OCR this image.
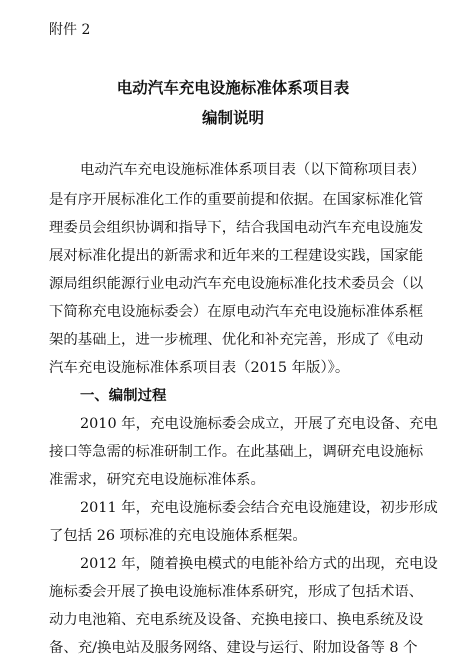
附件 2
电动汽车充电设施标准体系项目表
编制说明
电动汽车充电设施标准体系项目表（以下简称项目表）
是有序开展标准化工作的重要前提和依据。在国家标准化管
理委员会组织协调和指导下，结合我国电动汽车充电设施发
展对标准化提出的新需求和近年来的工程建设实践，国家能
源局组织能源行业电动汽车充电设施标准化技术委员会（以
下简称充电设施标委会）在原电动汽车充电设施标准体系框
架的基础上，进一步梳理、优化和补充完善，形成了《电动
汽车充电设施标准体系项目表（2015 年版）》。
一、编制过程
2010 年，充电设施标委会成立，开展了充电设备、充电
接口等急需的标准研制工作。在此基础上，调研充电设施标
准需求，研究充电设施标准体系。
2011 年，充电设施标委会结合充电设施建设，初步形成
了包括 26 项标准的充电设施体系框架。
2012 年，随着换电模式的电能补给方式的出现，充电设
施标委会开展了换电设施标准体系研究，形成了包括术语、
动力电池箱、充电系统及设备、充换电接口、换电系统及设
备、充/换电站及服务网络、建设与运行、附加设备等 8 个
